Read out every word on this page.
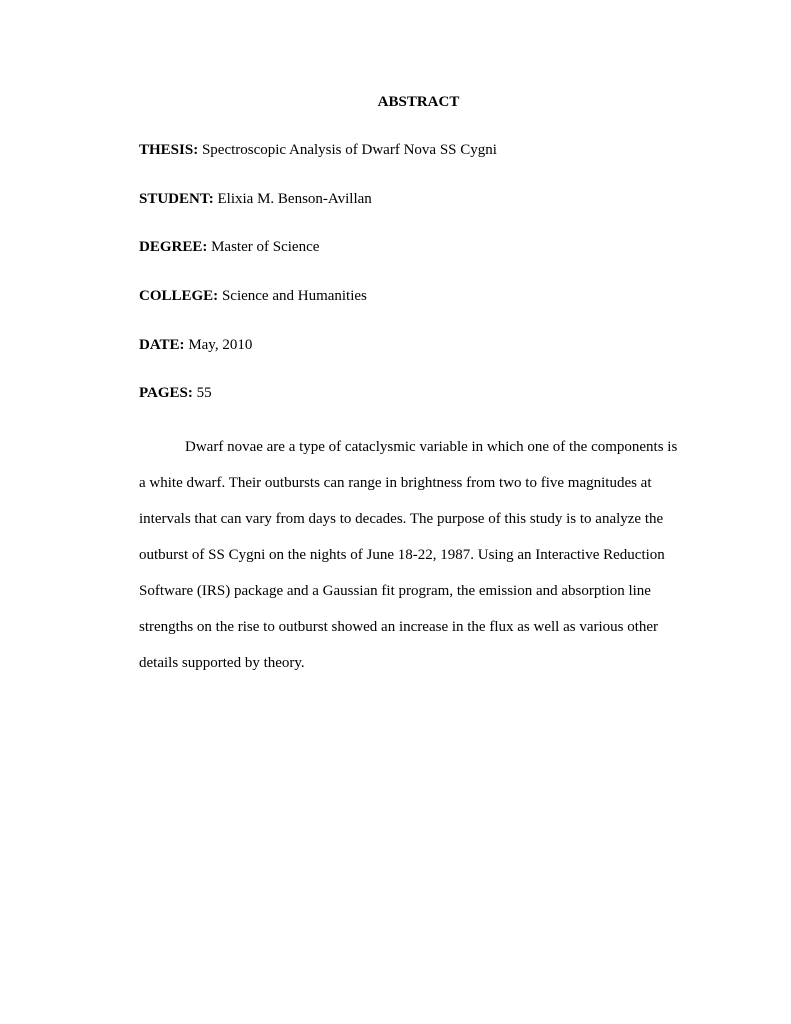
ABSTRACT
THESIS: Spectroscopic Analysis of Dwarf Nova SS Cygni
STUDENT: Elixia M. Benson-Avillan
DEGREE: Master of Science
COLLEGE: Science and Humanities
DATE: May, 2010
PAGES: 55

Dwarf novae are a type of cataclysmic variable in which one of the components is
a white dwarf. Their outbursts can range in brightness from two to five magnitudes at
intervals that can vary from days to decades. The purpose of this study is to analyze the
outburst of SS Cygni on the nights of June 18-22, 1987. Using an Interactive Reduction
Software (IRS) package and a Gaussian fit program, the emission and absorption line
strengths on the rise to outburst showed an increase in the flux as well as various other
details supported by theory.
